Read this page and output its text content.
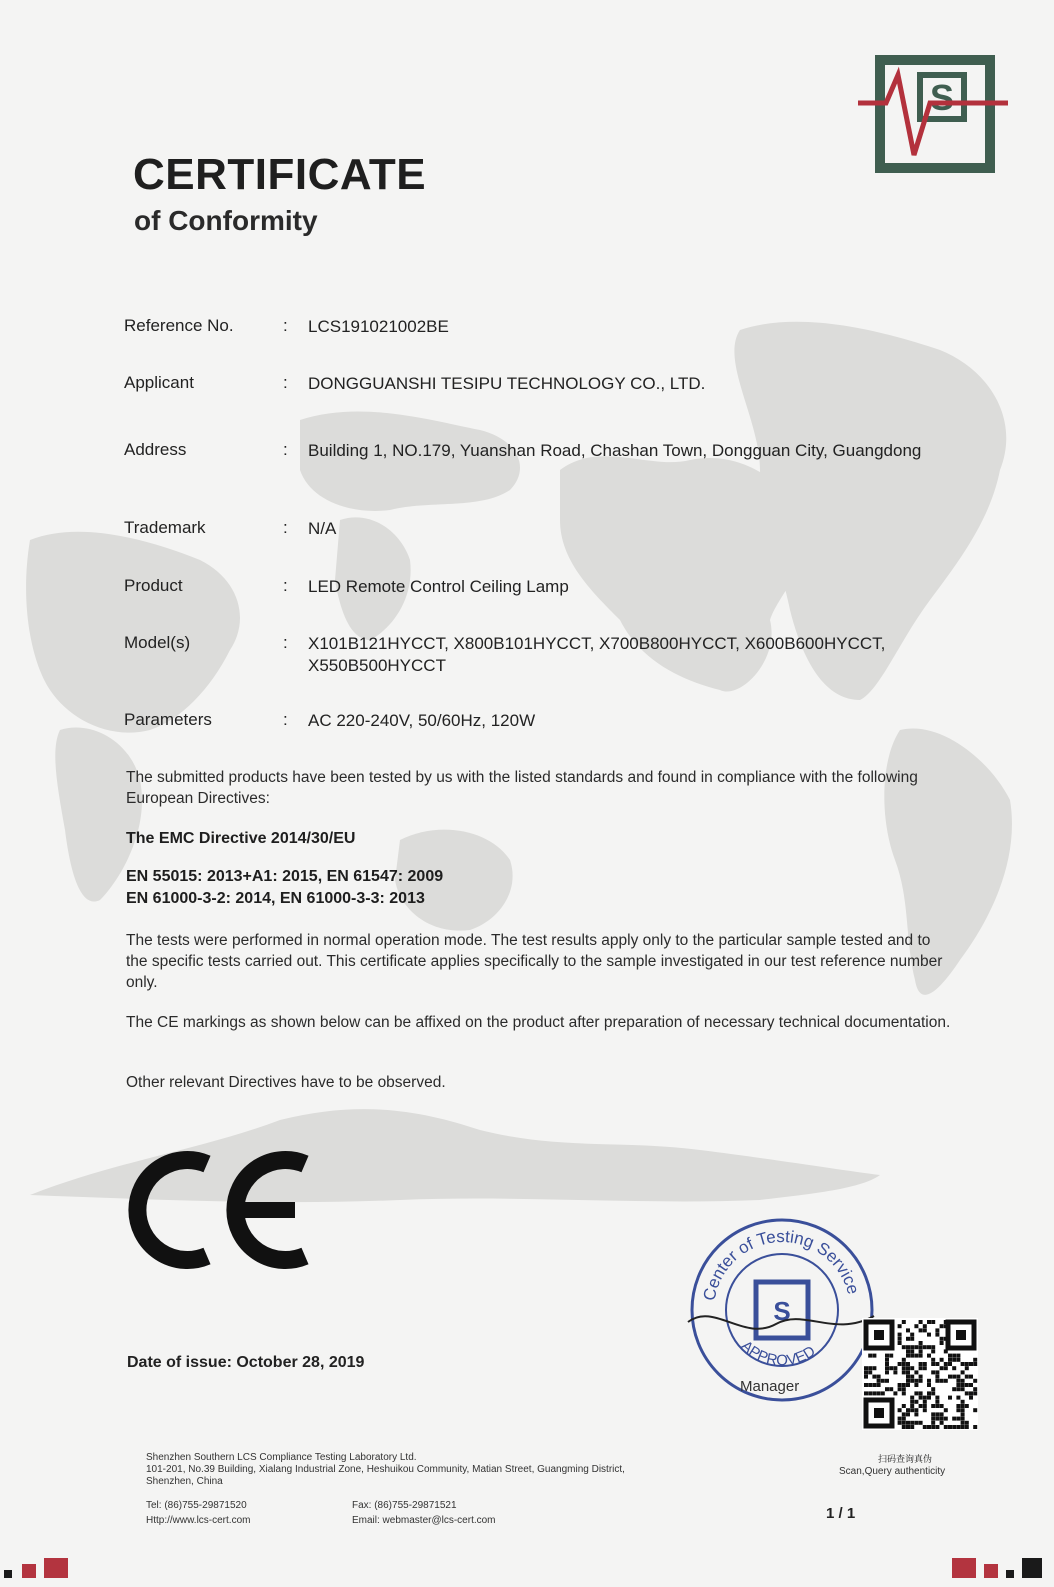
S
CERTIFICATE
of Conformity
Reference No.	: LCS191021002BE
Applicant	: DONGGUANSHI TESIPU TECHNOLOGY CO., LTD.
Address	: Building 1, NO.179, Yuanshan Road, Chashan Town, Dongguan City, Guangdong
Trademark	: N/A
Product	: LED Remote Control Ceiling Lamp
Model(s)	: X101B121HYCCT, X800B101HYCCT, X700B800HYCCT, X600B600HYCCT, X550B500HYCCT
Parameters	: AC 220-240V, 50/60Hz, 120W
The submitted products have been tested by us with the listed standards and found in compliance with the following European Directives:
The EMC Directive 2014/30/EU
EN 55015: 2013+A1: 2015, EN 61547: 2009
EN 61000-3-2: 2014, EN 61000-3-3: 2013
The tests were performed in normal operation mode. The test results apply only to the particular sample tested and to the specific tests carried out. This certificate applies specifically to the sample investigated in our test reference number only.
The CE markings as shown below can be affixed on the product after preparation of necessary technical documentation.
Other relevant Directives have to be observed.
Date of issue: October 28, 2019
Center of Testing Service
APPROVED
S
Manager
扫码查询真伪
Shenzhen Southern LCS Compliance Testing Laboratory Ltd.
101-201, No.39 Building, Xialang Industrial Zone, Heshuikou Community, Matian Street, Guangming District,
Shenzhen, China
Scan,Query authenticity
Tel: (86)755-29871520
Http://www.lcs-cert.com
Fax: (86)755-29871521
Email: webmaster@lcs-cert.com	1 / 1
